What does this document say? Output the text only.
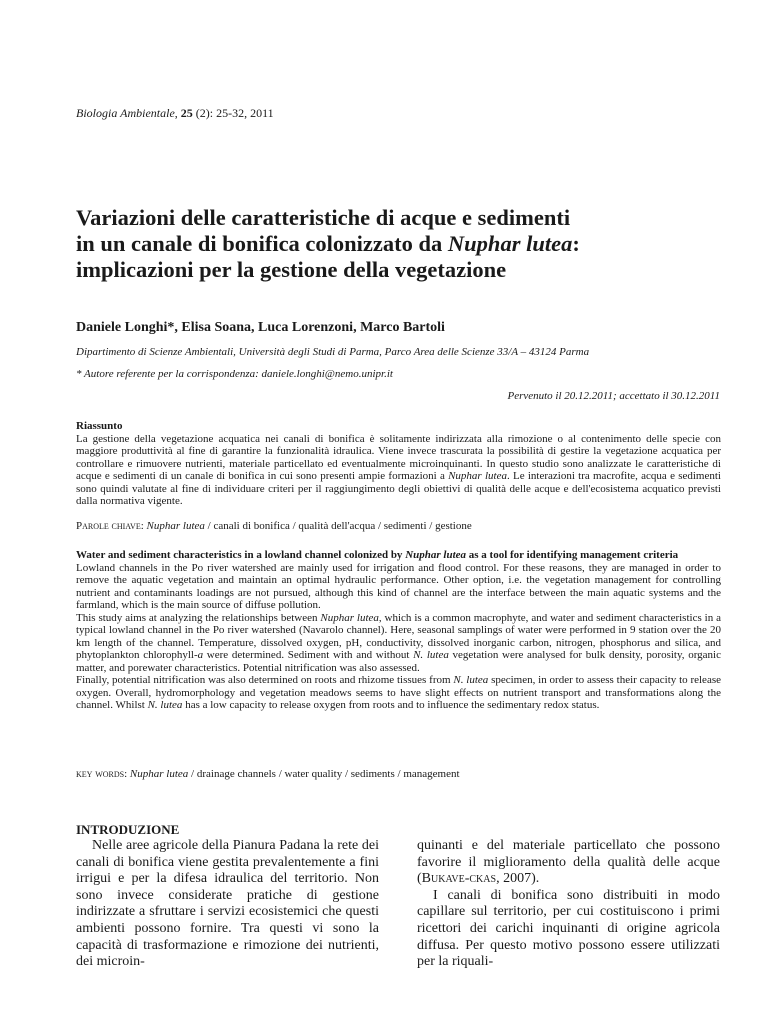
Biologia Ambientale, 25 (2): 25-32, 2011
Variazioni delle caratteristiche di acque e sedimenti
in un canale di bonifica colonizzato da Nuphar lutea:
implicazioni per la gestione della vegetazione
Daniele Longhi*, Elisa Soana, Luca Lorenzoni, Marco Bartoli
Dipartimento di Scienze Ambientali, Università degli Studi di Parma, Parco Area delle Scienze 33/A – 43124 Parma
* Autore referente per la corrispondenza: daniele.longhi@nemo.unipr.it
Pervenuto il 20.12.2011; accettato il 30.12.2011
Riassunto

La gestione della vegetazione acquatica nei canali di bonifica è solitamente indirizzata alla rimozione o al contenimento delle specie con maggiore produttività al fine di garantire la funzionalità idraulica. Viene invece trascurata la possibilità di gestire la vegetazione acquatica per controllare e rimuovere nutrienti, materiale particellato ed eventualmente microinquinanti. In questo studio sono analizzate le caratteristiche di acque e sedimenti di un canale di bonifica in cui sono presenti ampie formazioni a Nuphar lutea. Le interazioni tra macrofite, acqua e sedimenti sono quindi valutate al fine di individuare criteri per il raggiungimento degli obiettivi di qualità delle acque e dell'ecosistema acquatico previsti dalla normativa vigente.

Parole chiave: Nuphar lutea / canali di bonifica / qualità dell'acqua / sedimenti / gestione
Water and sediment characteristics in a lowland channel colonized by Nuphar lutea as a tool for identifying management criteria

Lowland channels in the Po river watershed are mainly used for irrigation and flood control. For these reasons, they are managed in order to remove the aquatic vegetation and maintain an optimal hydraulic performance. Other option, i.e. the vegetation management for controlling nutrient and contaminants loadings are not pursued, although this kind of channel are the interface between the main aquatic systems and the farmland, which is the main source of diffuse pollution.

This study aims at analyzing the relationships between Nuphar lutea, which is a common macrophyte, and water and sediment characteristics in a typical lowland channel in the Po river watershed (Navarolo channel). Here, seasonal samplings of water were performed in 9 station over the 20 km length of the channel. Temperature, dissolved oxygen, pH, conductivity, dissolved inorganic carbon, nitrogen, phosphorus and silica, and phytoplankton chlorophyll-a were determined. Sediment with and without N. lutea vegetation were analysed for bulk density, porosity, organic matter, and porewater characteristics. Potential nitrification was also assessed.

Finally, potential nitrification was also determined on roots and rhizome tissues from N. lutea specimen, in order to assess their capacity to release oxygen. Overall, hydromorphology and vegetation meadows seems to have slight effects on nutrient transport and transformations along the channel. Whilst N. lutea has a low capacity to release oxygen from roots and to influence the sedimentary redox status.

key words: Nuphar lutea / drainage channels / water quality / sediments / management

INTRODUZIONE

Nelle aree agricole della Pianura Padana la rete dei canali di bonifica viene gestita prevalentemente a fini irrigui e per la difesa idraulica del territorio. Non sono invece considerate pratiche di gestione indirizzate a sfruttare i servizi ecosistemici che questi ambienti possono fornire. Tra questi vi sono la capacità di trasformazione e rimozione dei nutrienti, dei microin-

quinanti e del materiale particellato che possono favorire il miglioramento della qualità delle acque (Bukave-ckas, 2007).

I canali di bonifica sono distribuiti in modo capillare sul territorio, per cui costituiscono i primi ricettori dei carichi inquinanti di origine agricola diffusa. Per questo motivo possono essere utilizzati per la riquali-
